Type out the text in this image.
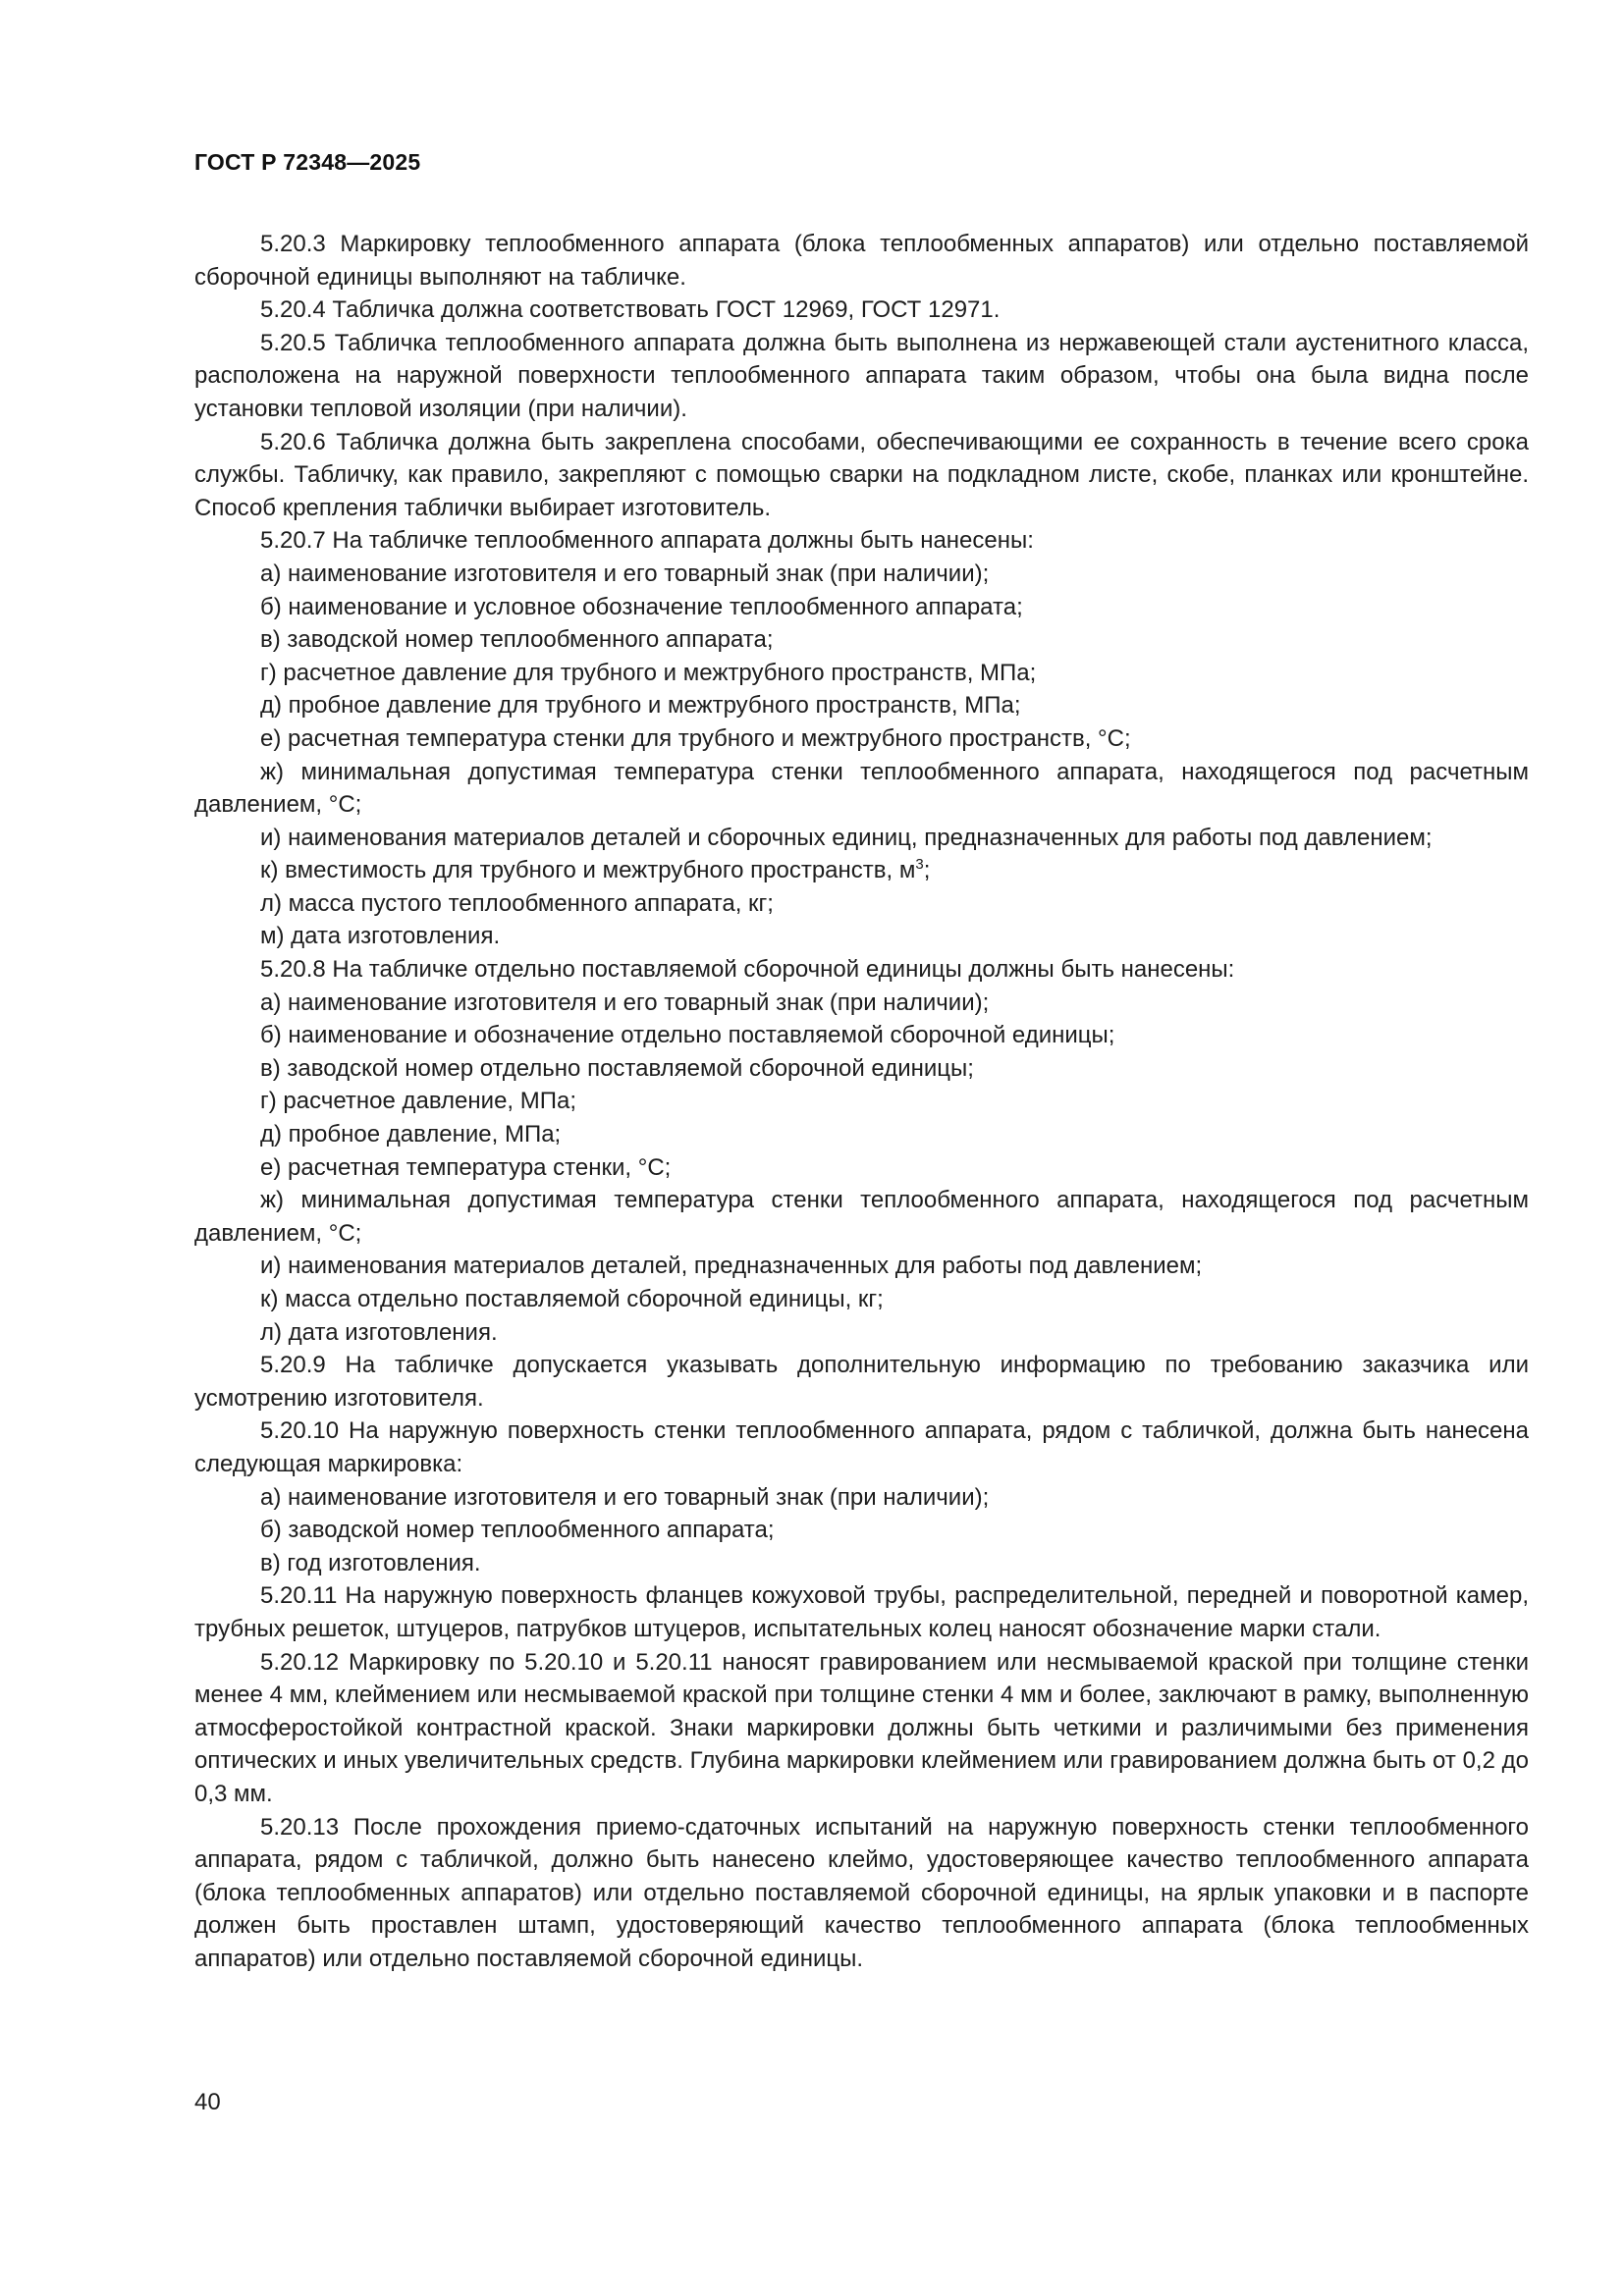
ГОСТ Р 72348—2025

5.20.3 Маркировку теплообменного аппарата (блока теплообменных аппаратов) или отдельно поставляемой сборочной единицы выполняют на табличке.

5.20.4 Табличка должна соответствовать ГОСТ 12969, ГОСТ 12971.

5.20.5 Табличка теплообменного аппарата должна быть выполнена из нержавеющей стали аустенитного класса, расположена на наружной поверхности теплообменного аппарата таким образом, чтобы она была видна после установки тепловой изоляции (при наличии).

5.20.6 Табличка должна быть закреплена способами, обеспечивающими ее сохранность в течение всего срока службы. Табличку, как правило, закрепляют с помощью сварки на подкладном листе, скобе, планках или кронштейне. Способ крепления таблички выбирает изготовитель.

5.20.7 На табличке теплообменного аппарата должны быть нанесены:

а) наименование изготовителя и его товарный знак (при наличии);

б) наименование и условное обозначение теплообменного аппарата;

в) заводской номер теплообменного аппарата;

г) расчетное давление для трубного и межтрубного пространств, МПа;

д) пробное давление для трубного и межтрубного пространств, МПа;

е) расчетная температура стенки для трубного и межтрубного пространств, °С;

ж) минимальная допустимая температура стенки теплообменного аппарата, находящегося под расчетным давлением, °С;

и) наименования материалов деталей и сборочных единиц, предназначенных для работы под давлением;

к) вместимость для трубного и межтрубного пространств, $м^3$;

л) масса пустого теплообменного аппарата, кг;

м) дата изготовления.

5.20.8 На табличке отдельно поставляемой сборочной единицы должны быть нанесены:

а) наименование изготовителя и его товарный знак (при наличии);

б) наименование и обозначение отдельно поставляемой сборочной единицы;

в) заводской номер отдельно поставляемой сборочной единицы;

г) расчетное давление, МПа;

д) пробное давление, МПа;

е) расчетная температура стенки, °С;

ж) минимальная допустимая температура стенки теплообменного аппарата, находящегося под расчетным давлением, °С;

и) наименования материалов деталей, предназначенных для работы под давлением;

к) масса отдельно поставляемой сборочной единицы, кг;

л) дата изготовления.

5.20.9 На табличке допускается указывать дополнительную информацию по требованию заказчика или усмотрению изготовителя.

5.20.10 На наружную поверхность стенки теплообменного аппарата, рядом с табличкой, должна быть нанесена следующая маркировка:

а) наименование изготовителя и его товарный знак (при наличии);

б) заводской номер теплообменного аппарата;

в) год изготовления.

5.20.11 На наружную поверхность фланцев кожуховой трубы, распределительной, передней и поворотной камер, трубных решеток, штуцеров, патрубков штуцеров, испытательных колец наносят обозначение марки стали.

5.20.12 Маркировку по 5.20.10 и 5.20.11 наносят гравированием или несмываемой краской при толщине стенки менее 4 мм, клеймением или несмываемой краской при толщине стенки 4 мм и более, заключают в рамку, выполненную атмосферостойкой контрастной краской. Знаки маркировки должны быть четкими и различимыми без применения оптических и иных увеличительных средств. Глубина маркировки клеймением или гравированием должна быть от 0,2 до 0,3 мм.

5.20.13 После прохождения приемо-сдаточных испытаний на наружную поверхность стенки теплообменного аппарата, рядом с табличкой, должно быть нанесено клеймо, удостоверяющее качество теплообменного аппарата (блока теплообменных аппаратов) или отдельно поставляемой сборочной единицы, на ярлык упаковки и в паспорте должен быть проставлен штамп, удостоверяющий качество теплообменного аппарата (блока теплообменных аппаратов) или отдельно поставляемой сборочной единицы.

40
